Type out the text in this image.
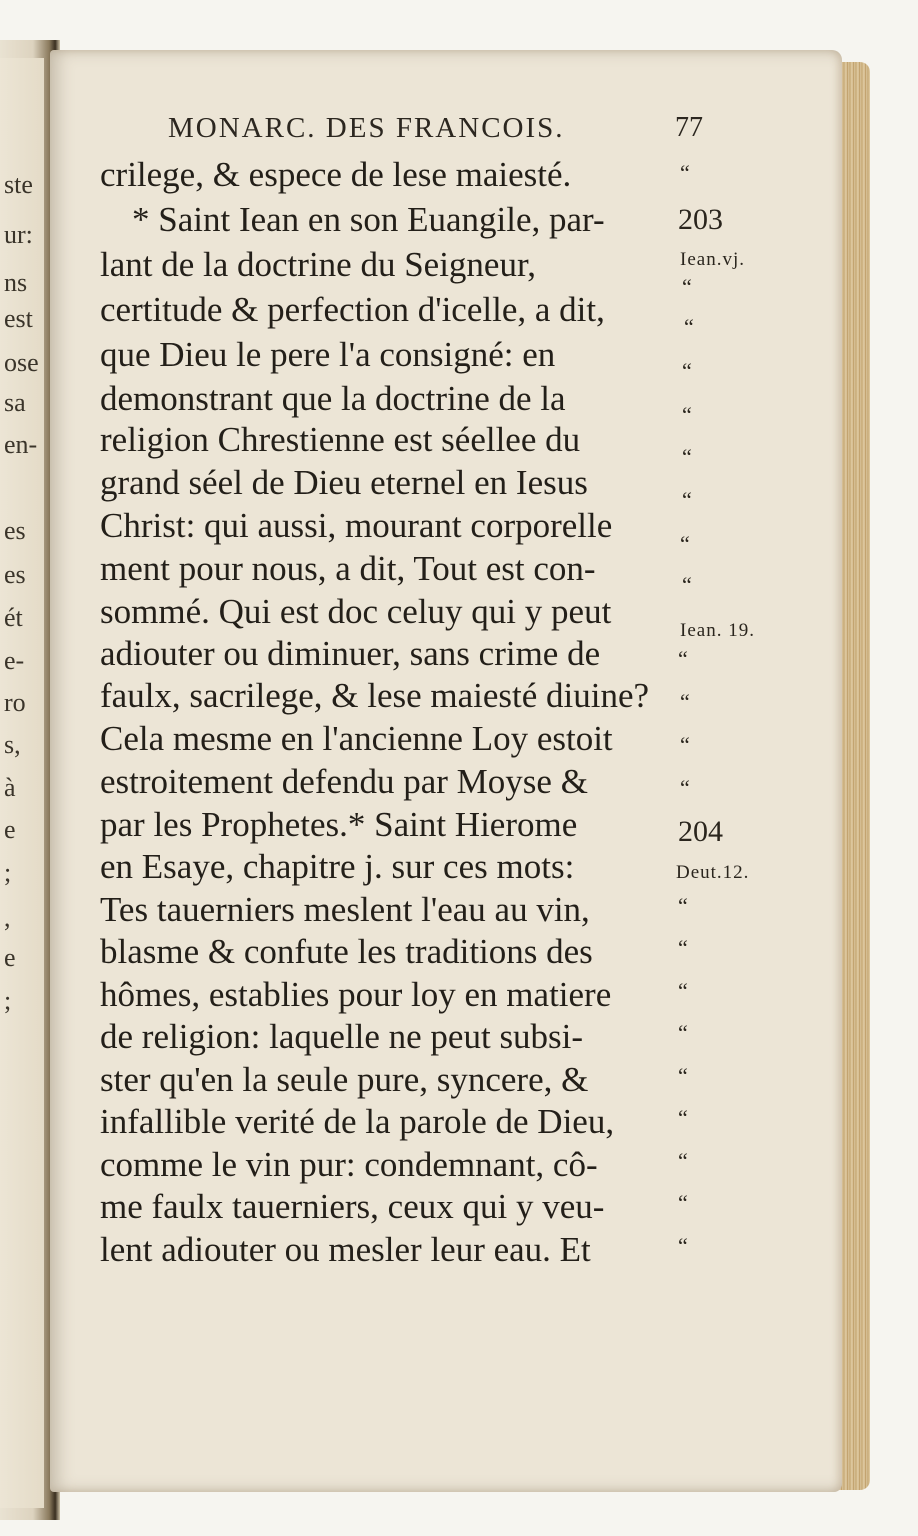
ste
ur:
ns
est
ose
sa
en-
es
es
ét
e-
ro
s,
à
e
;
,
e
;
MONARC. DES FRANCOIS.	77
crilege, & espece de lese maiesté.
* Saint Iean en son Euangile, par-
lant de la doctrine du Seigneur,
certitude & perfection d'icelle, a dit,
que Dieu le pere l'a consigné: en
demonstrant que la doctrine de la
religion Chrestienne est séellee du
grand séel de Dieu eternel en Iesus
Christ: qui aussi, mourant corporelle
ment pour nous, a dit, Tout est con-
sommé. Qui est doc celuy qui y peut
adiouter ou diminuer, sans crime de
faulx, sacrilege, & lese maiesté diuine?
Cela mesme en l'ancienne Loy estoit
estroitement defendu par Moyse &
par les Prophetes.* Saint Hierome
en Esaye, chapitre j. sur ces mots:
Tes tauerniers meslent l'eau au vin,
blasme & confute les traditions des
hômes, establies pour loy en matiere
de religion: laquelle ne peut subsi-
ster qu'en la seule pure, syncere, &
infallible verité de la parole de Dieu,
comme le vin pur: condemnant, cô-
me faulx tauerniers, ceux qui y veu-
lent adiouter ou mesler leur eau. Et
“
203
Iean.vj.
“
“
“
“
“
“
“
“
Iean. 19.
“
“
“
“
204
Deut.12.
“
“
“
“
“
“
“
“
“
